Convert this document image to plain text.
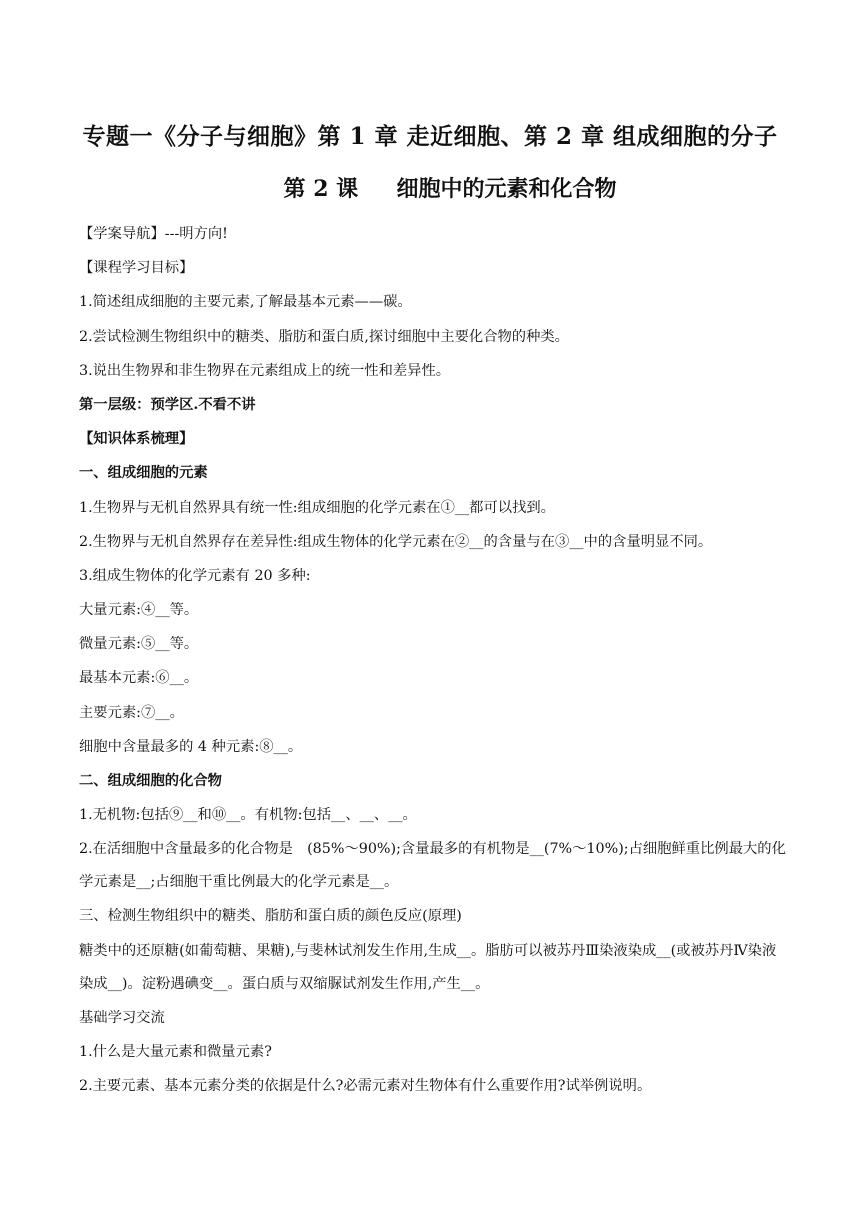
专题一《分子与细胞》第 1 章 走近细胞、第 2 章 组成细胞的分子
第 2 课     细胞中的元素和化合物
【学案导航】---明方向!
【课程学习目标】
1.简述组成细胞的主要元素,了解最基本元素——碳。
2.尝试检测生物组织中的糖类、脂肪和蛋白质,探讨细胞中主要化合物的种类。
3.说出生物界和非生物界在元素组成上的统一性和差异性。
第一层级：预学区.不看不讲
【知识体系梳理】
一、组成细胞的元素
1.生物界与无机自然界具有统一性:组成细胞的化学元素在①__都可以找到。
2.生物界与无机自然界存在差异性:组成生物体的化学元素在②__的含量与在③__中的含量明显不同。
3.组成生物体的化学元素有 20 多种:
大量元素:④__等。
微量元素:⑤__等。
最基本元素:⑥__。
主要元素:⑦__。
细胞中含量最多的 4 种元素:⑧__。
二、组成细胞的化合物
1.无机物:包括⑨__和⑩__。有机物:包括__、__、__。
2.在活细胞中含量最多的化合物是　(85%～90%);含量最多的有机物是__(7%～10%);占细胞鲜重比例最大的化学元素是__;占细胞干重比例最大的化学元素是__。
三、检测生物组织中的糖类、脂肪和蛋白质的颜色反应(原理)
糖类中的还原糖(如葡萄糖、果糖),与斐林试剂发生作用,生成__。脂肪可以被苏丹Ⅲ染液染成__(或被苏丹Ⅳ染液染成__)。淀粉遇碘变__。蛋白质与双缩脲试剂发生作用,产生__。
基础学习交流
1.什么是大量元素和微量元素?
2.主要元素、基本元素分类的依据是什么?必需元素对生物体有什么重要作用?试举例说明。
